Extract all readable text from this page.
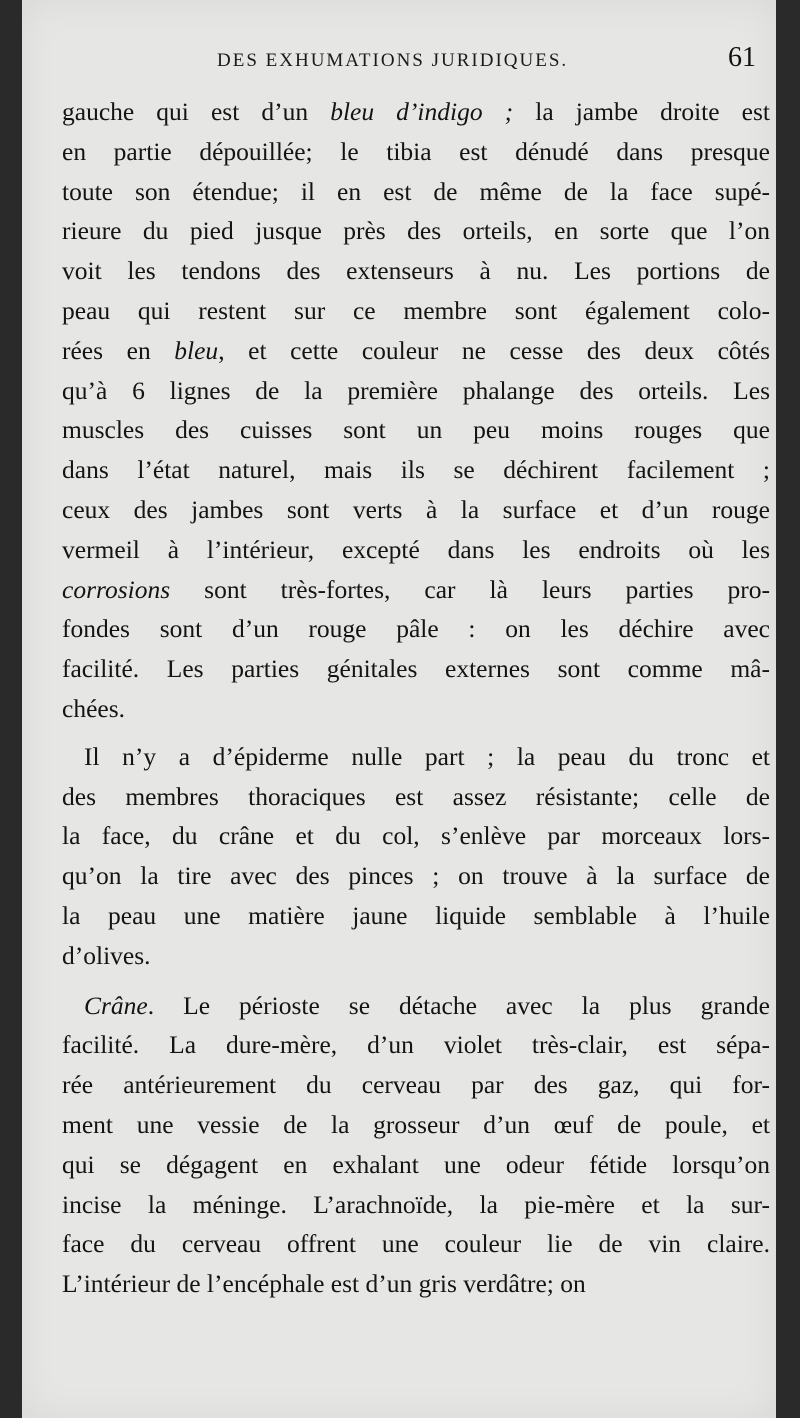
DES EXHUMATIONS JURIDIQUES.	61
gauche qui est d’un bleu d’indigo ; la jambe droite est
en partie dépouillée; le tibia est dénudé dans presque
toute son étendue; il en est de même de la face supé-
rieure du pied jusque près des orteils, en sorte que l’on
voit les tendons des extenseurs à nu. Les portions de
peau qui restent sur ce membre sont également colo-
rées en bleu, et cette couleur ne cesse des deux côtés
qu’à 6 lignes de la première phalange des orteils. Les
muscles des cuisses sont un peu moins rouges que
dans l’état naturel, mais ils se déchirent facilement ;
ceux des jambes sont verts à la surface et d’un rouge
vermeil à l’intérieur, excepté dans les endroits où les
corrosions sont très-fortes, car là leurs parties pro-
fondes sont d’un rouge pâle : on les déchire avec
facilité. Les parties génitales externes sont comme mâ-
chées.
Il n’y a d’épiderme nulle part ; la peau du tronc et
des membres thoraciques est assez résistante; celle de
la face, du crâne et du col, s’enlève par morceaux lors-
qu’on la tire avec des pinces ; on trouve à la surface de
la peau une matière jaune liquide semblable à l’huile
d’olives.
Crâne. Le périoste se détache avec la plus grande
facilité. La dure-mère, d’un violet très-clair, est sépa-
rée antérieurement du cerveau par des gaz, qui for-
ment une vessie de la grosseur d’un œuf de poule, et
qui se dégagent en exhalant une odeur fétide lorsqu’on
incise la méninge. L’arachnoïde, la pie-mère et la sur-
face du cerveau offrent une couleur lie de vin claire.
L’intérieur de l’encéphale est d’un gris verdâtre; on
